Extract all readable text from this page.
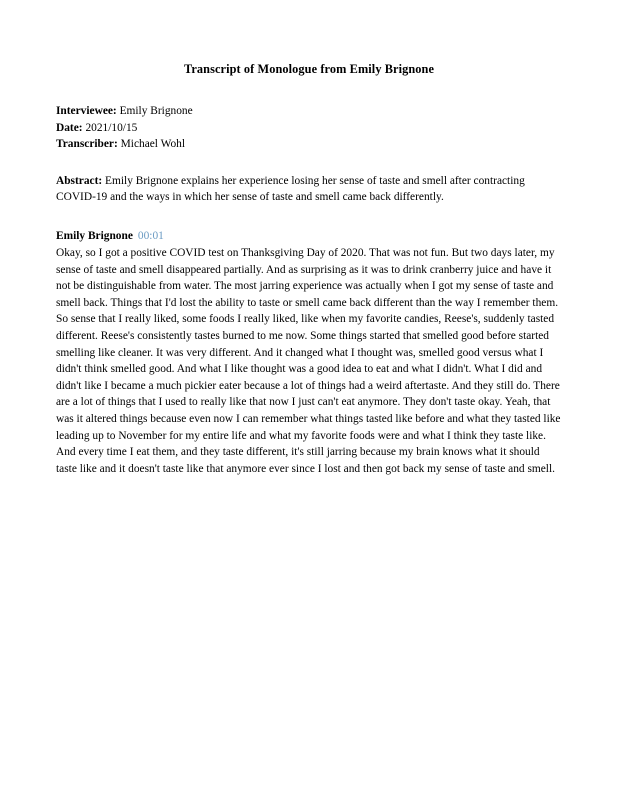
Transcript of Monologue from Emily Brignone

Interviewee: Emily Brignone

Date: 2021/10/15

Transcriber: Michael Wohl

Abstract: Emily Brignone explains her experience losing her sense of taste and smell after contracting COVID-19 and the ways in which her sense of taste and smell came back differently.
Emily Brignone 00:01

Okay, so I got a positive COVID test on Thanksgiving Day of 2020. That was not fun. But two days later, my sense of taste and smell disappeared partially. And as surprising as it was to drink cranberry juice and have it not be distinguishable from water. The most jarring experience was actually when I got my sense of taste and smell back. Things that I'd lost the ability to taste or smell came back different than the way I remember them. So sense that I really liked, some foods I really liked, like when my favorite candies, Reese's, suddenly tasted different. Reese's consistently tastes burned to me now. Some things started that smelled good before started smelling like cleaner. It was very different. And it changed what I thought was, smelled good versus what I didn't think smelled good. And what I like thought was a good idea to eat and what I didn't. What I did and didn't like I became a much pickier eater because a lot of things had a weird aftertaste. And they still do. There are a lot of things that I used to really like that now I just can't eat anymore. They don't taste okay. Yeah, that was it altered things because even now I can remember what things tasted like before and what they tasted like leading up to November for my entire life and what my favorite foods were and what I think they taste like. And every time I eat them, and they taste different, it's still jarring because my brain knows what it should taste like and it doesn't taste like that anymore ever since I lost and then got back my sense of taste and smell.
